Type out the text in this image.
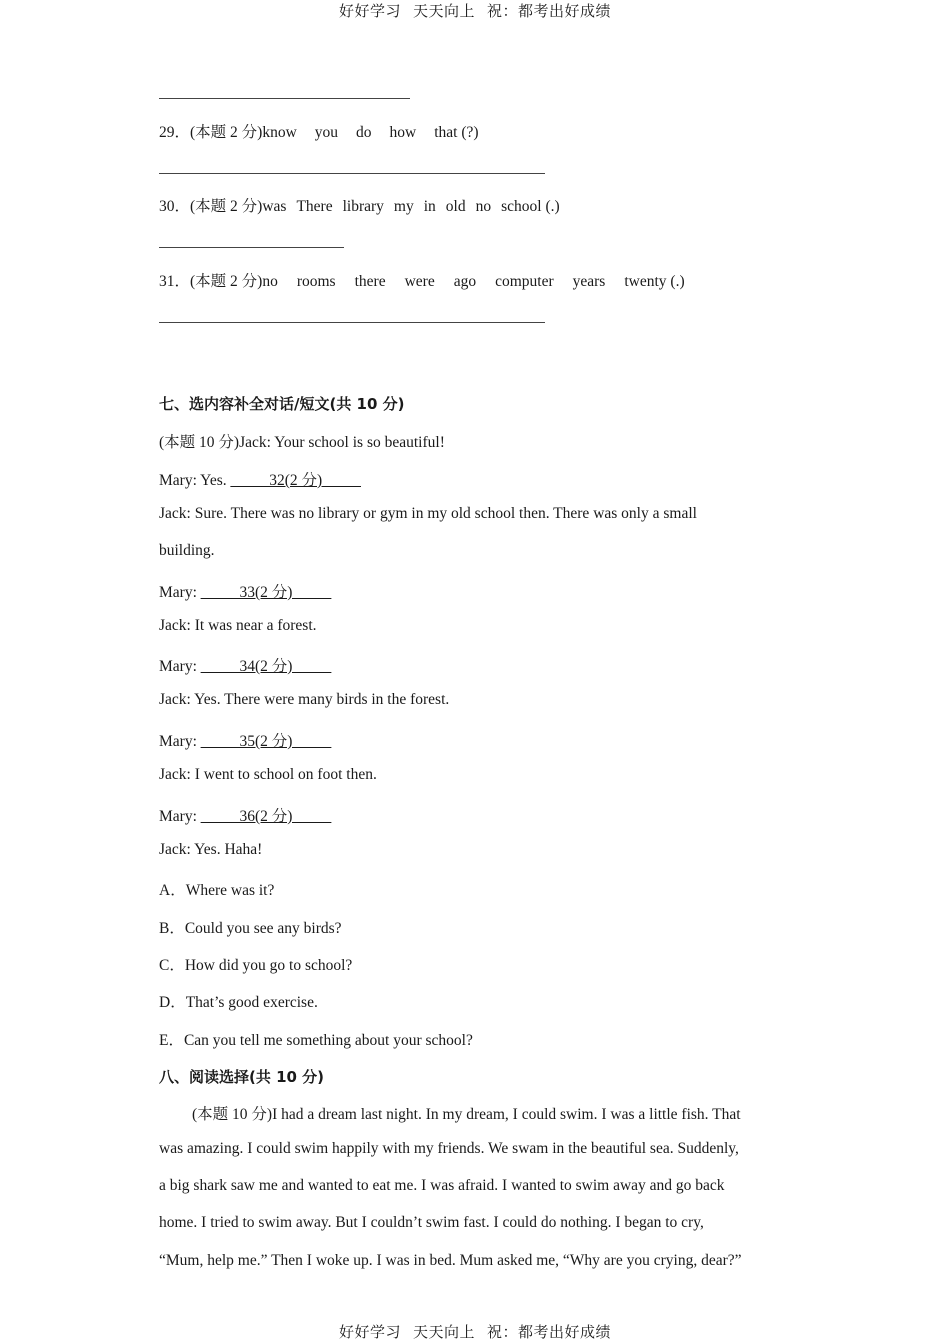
好好学习 天天向上 祝：都考出好成绩
29．(本题 2 分)know you do how that (?)
30．(本题 2 分)was There library my in old no school (.)
31．(本题 2 分)no rooms there were ago computer years twenty (.)
七、选内容补全对话/短文(共 10 分)
(本题 10 分)Jack: Your school is so beautiful!
Mary: Yes. _____32(2 分)_____
Jack: Sure. There was no library or gym in my old school then. There was only a small
building.
Mary: _____33(2 分)_____
Jack: It was near a forest.
Mary: _____34(2 分)_____
Jack: Yes. There were many birds in the forest.
Mary: _____35(2 分)_____
Jack: I went to school on foot then.
Mary: _____36(2 分)_____
Jack: Yes. Haha!
A．Where was it?
B．Could you see any birds?
C．How did you go to school?
D．That’s good exercise.
E．Can you tell me something about your school?
八、阅读选择(共 10 分)
(本题 10 分)I had a dream last night. In my dream, I could swim. I was a little fish. That
was amazing. I could swim happily with my friends. We swam in the beautiful sea. Suddenly,
a big shark saw me and wanted to eat me. I was afraid. I wanted to swim away and go back
home. I tried to swim away. But I couldn’t swim fast. I could do nothing. I began to cry,
“Mum, help me.” Then I woke up. I was in bed. Mum asked me, “Why are you crying, dear?”
好好学习 天天向上 祝：都考出好成绩
